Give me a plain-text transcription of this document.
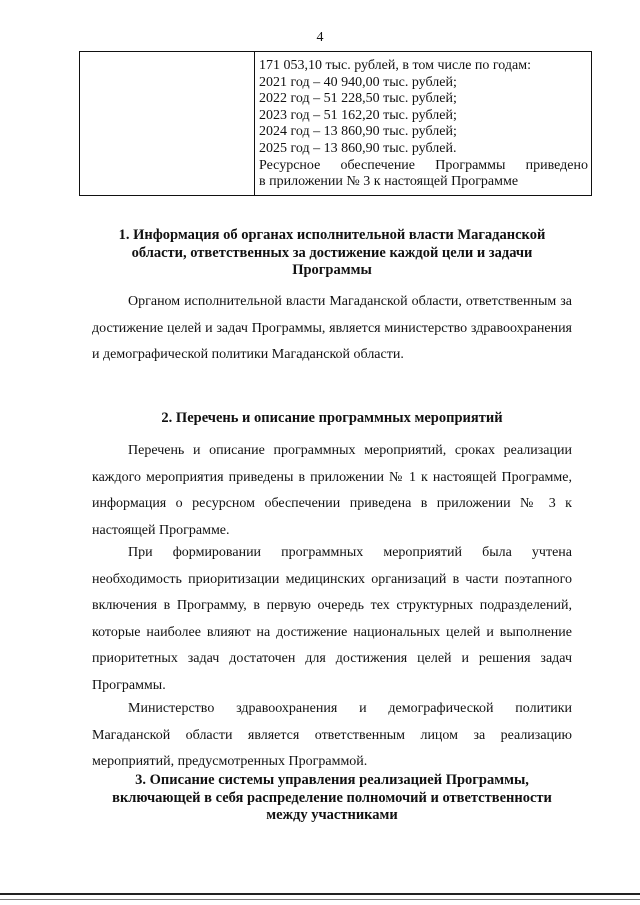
4

171 053,10 тыс. рублей, в том числе по годам:
2021 год – 40 940,00 тыс. рублей;
2022 год – 51 228,50 тыс. рублей;
2023 год – 51 162,20 тыс. рублей;
2024 год – 13 860,90 тыс. рублей;
2025 год – 13 860,90 тыс. рублей.
Ресурсное обеспечение Программы приведено
в приложении № 3 к настоящей Программе
1. Информация об органах исполнительной власти Магаданской
области, ответственных за достижение каждой цели и задачи
Программы
Органом исполнительной власти Магаданской области, ответственным за достижение целей и задач Программы, является министерство здравоохранения и демографической политики Магаданской области.
2. Перечень и описание программных мероприятий
Перечень и описание программных мероприятий, сроках реализации каждого мероприятия приведены в приложении № 1 к настоящей Программе, информация о ресурсном обеспечении приведена в приложении № 3 к настоящей Программе.
При формировании программных мероприятий была учтена необходимость приоритизации медицинских организаций в части поэтапного включения в Программу, в первую очередь тех структурных подразделений, которые наиболее влияют на достижение национальных целей и выполнение приоритетных задач достаточен для достижения целей и решения задач Программы.
Министерство здравоохранения и демографической политики Магаданской области является ответственным лицом за реализацию мероприятий, предусмотренных Программой.
3. Описание системы управления реализацией Программы,
включающей в себя распределение полномочий и ответственности
между участниками
